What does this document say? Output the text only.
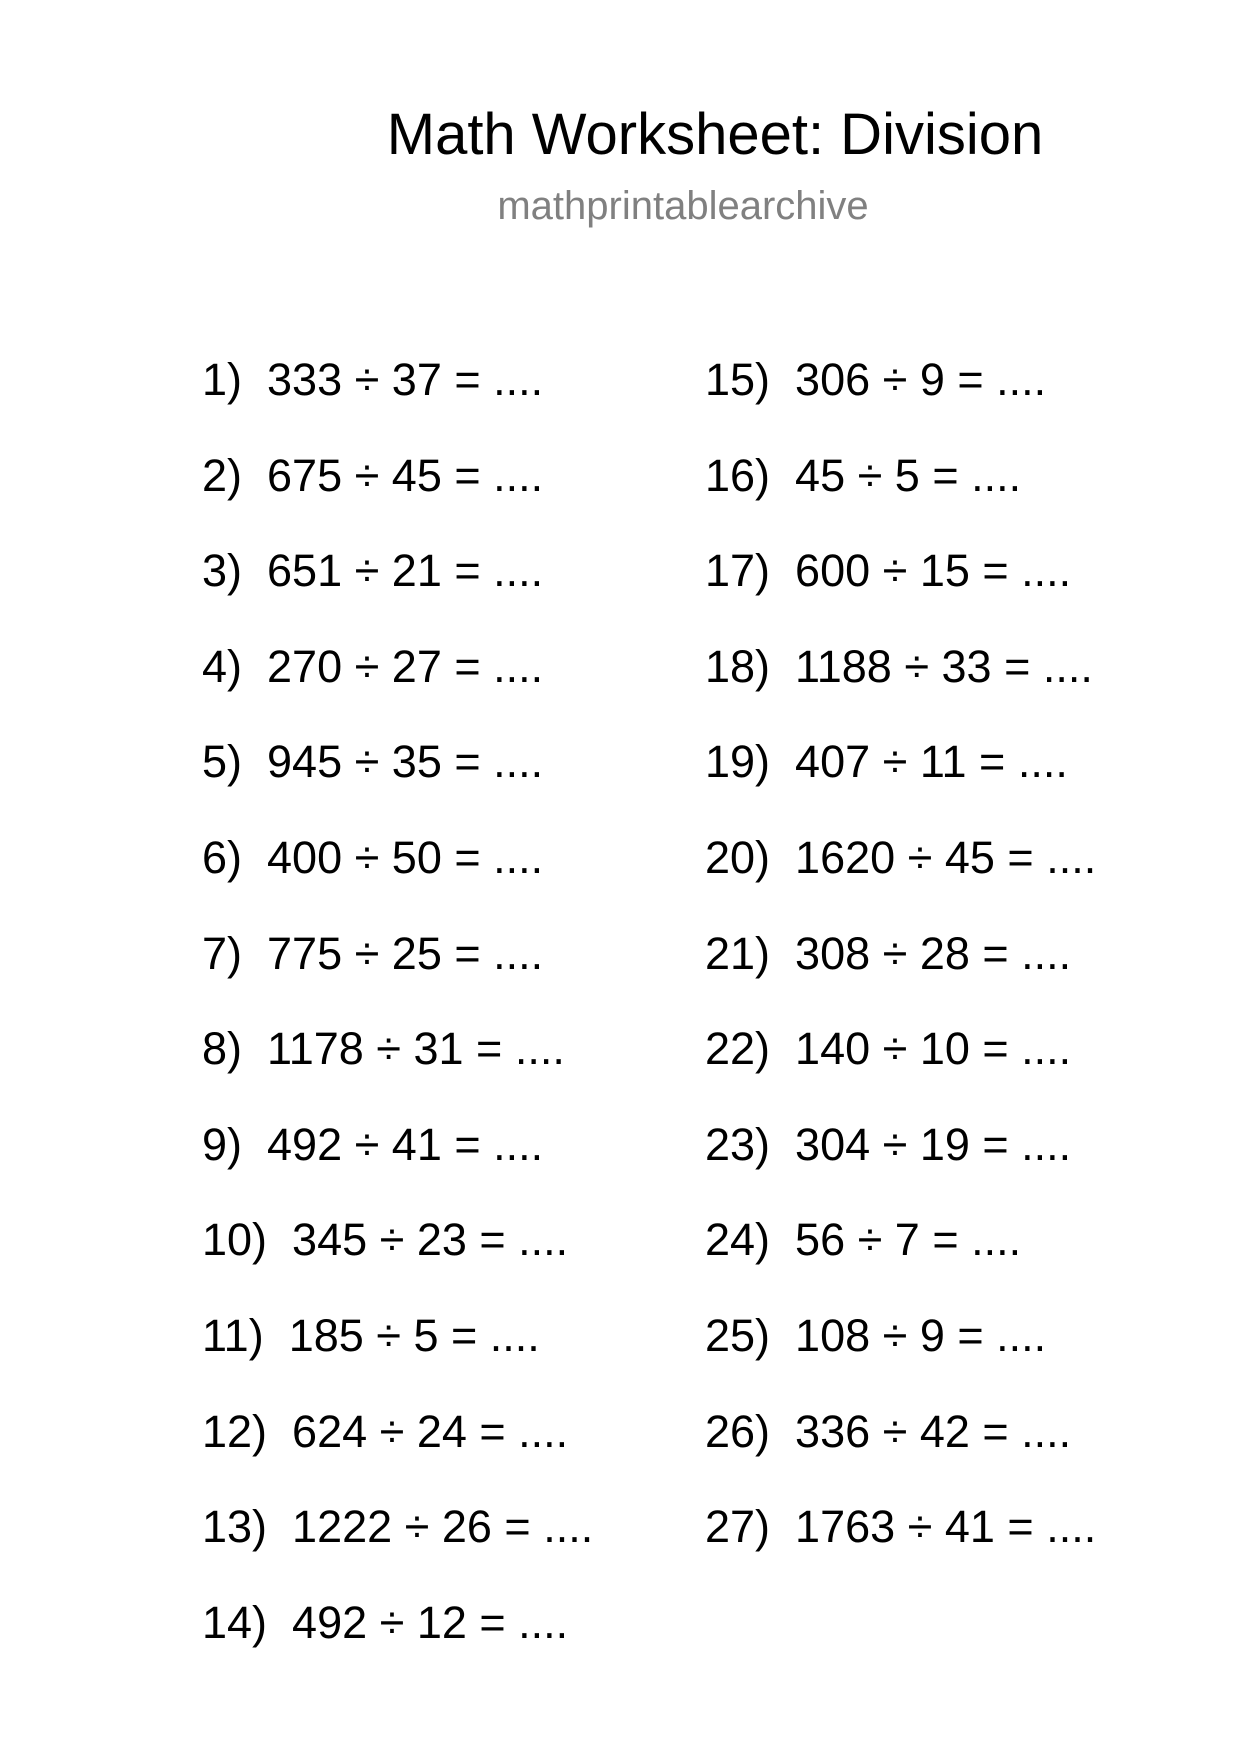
Math Worksheet: Division
mathprintablearchive
1)  333 ÷ 37 = ....
2)  675 ÷ 45 = ....
3)  651 ÷ 21 = ....
4)  270 ÷ 27 = ....
5)  945 ÷ 35 = ....
6)  400 ÷ 50 = ....
7)  775 ÷ 25 = ....
8)  1178 ÷ 31 = ....
9)  492 ÷ 41 = ....
10)  345 ÷ 23 = ....
11)  185 ÷ 5 = ....
12)  624 ÷ 24 = ....
13)  1222 ÷ 26 = ....
14)  492 ÷ 12 = ....
15)  306 ÷ 9 = ....
16)  45 ÷ 5 = ....
17)  600 ÷ 15 = ....
18)  1188 ÷ 33 = ....
19)  407 ÷ 11 = ....
20)  1620 ÷ 45 = ....
21)  308 ÷ 28 = ....
22)  140 ÷ 10 = ....
23)  304 ÷ 19 = ....
24)  56 ÷ 7 = ....
25)  108 ÷ 9 = ....
26)  336 ÷ 42 = ....
27)  1763 ÷ 41 = ....
